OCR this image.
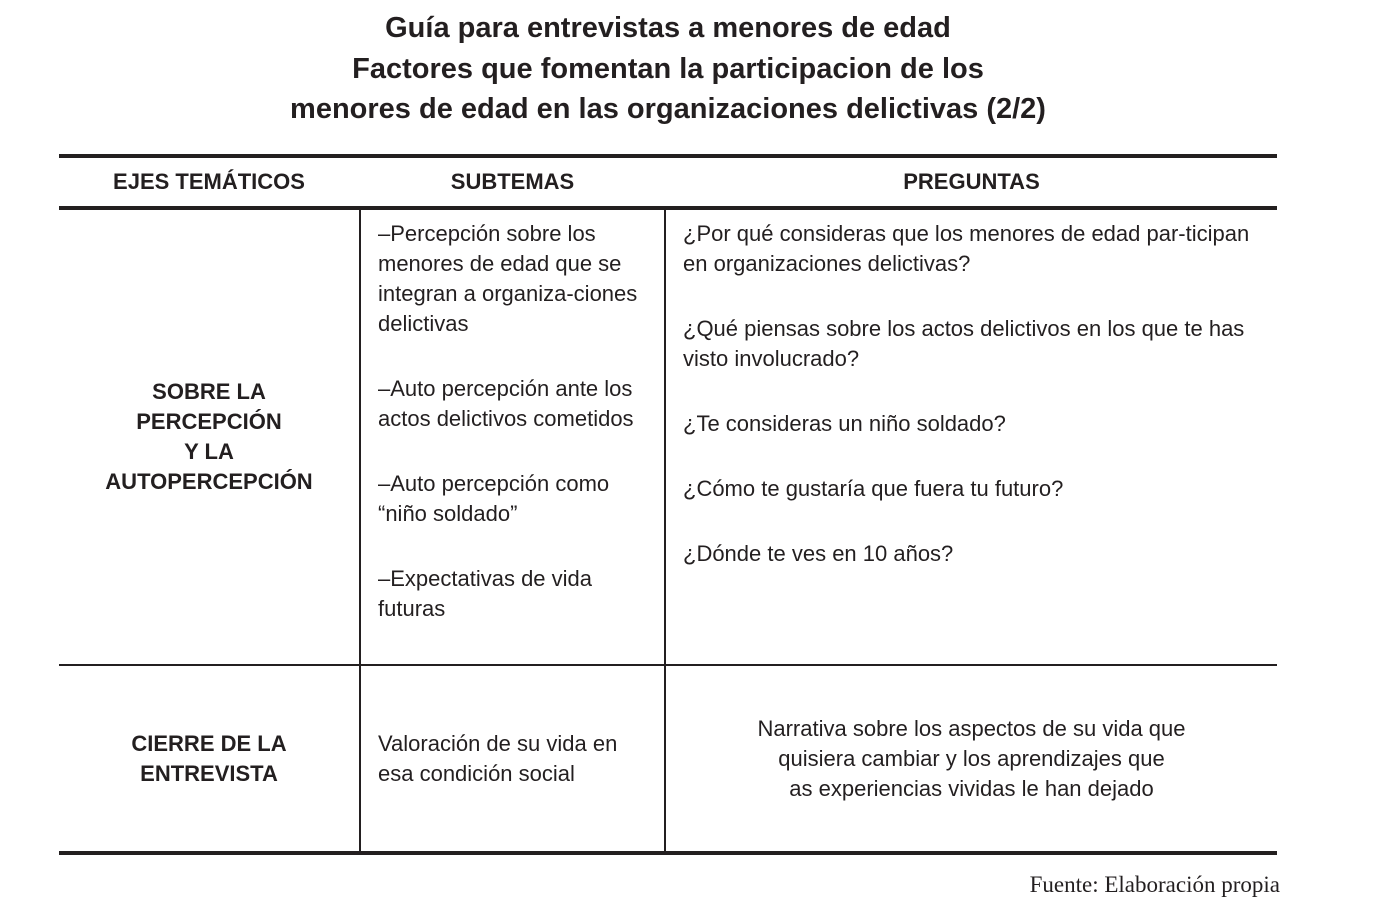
Guía para entrevistas a menores de edad
Factores que fomentan la participacion de los
menores de edad en las organizaciones delictivas (2/2)
EJES TEMÁTICOS	SUBTEMAS	PREGUNTAS
SOBRE LA
PERCEPCIÓN
Y LA
AUTOPERCEPCIÓN
–Percepción sobre los menores de edad que se integran a organiza-ciones delictivas
–Auto percepción ante los actos delictivos cometidos
–Auto percepción como “niño soldado”
–Expectativas de vida futuras
¿Por qué consideras que los menores de edad par-ticipan en organizaciones delictivas?
¿Qué piensas sobre los actos delictivos en los que te has visto involucrado?
¿Te consideras un niño soldado?
¿Cómo te gustaría que fuera tu futuro?
¿Dónde te ves en 10 años?
CIERRE DE LA
ENTREVISTA
Valoración de su vida en
esa condición social
Narrativa sobre los aspectos de su vida que
quisiera cambiar y los aprendizajes que
as experiencias vividas le han dejado
Fuente: Elaboración propia
